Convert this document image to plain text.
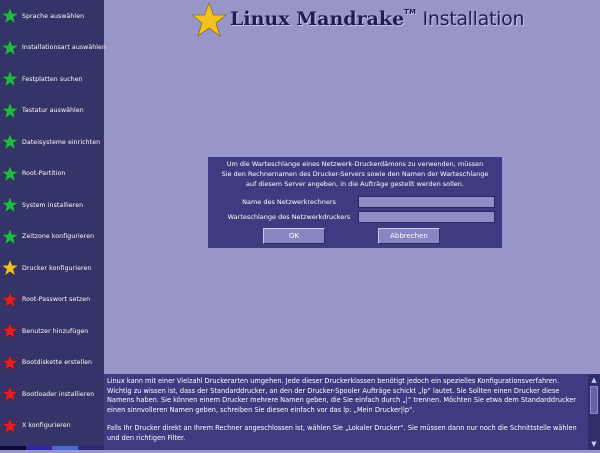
Sprache auswählen
Installationsart auswählen
Festplatten suchen
Tastatur auswählen
Dateisysteme einrichten
Root-Partition
System installieren
Zeitzone konfigurieren
Drucker konfigurieren
Root-Passwort setzen
Benutzer hinzufügen
Bootdiskette erstellen
Bootloader installieren
X konfigurieren
Linux Mandrake™ Installation
Um die Warteschlange eines Netzwerk-Druckerdämons zu verwenden, müssen
Sie den Rechnernamen des Drucker-Servers sowie den Namen der Warteschlange
auf diesem Server angeben, in die Aufträge gestellt werden sollen.
Name des Netzwerkrechners
Warteschlange des Netzwerkdruckers
OK	Abbrechen

Linux kann mit einer Vielzahl Druckerarten umgehen. Jede dieser Druckerklassen benötigt jedoch ein spezielles Konfigurationsverfahren. Wichtig zu wissen ist, dass der Standarddrucker, an den der Drucker-Spooler Aufträge schickt „lp“ lautet. Sie Sollten einen Drucker diese Namens haben. Sie können einem Drucker mehrere Namen geben, die Sie einfach durch „|“ trennen. Möchten Sie etwa dem Standarddrucker einen sinnvolleren Namen geben, schreiben Sie diesen einfach vor das lp: „Mein Drucker|lp“.

Falls Ihr Drucker direkt an Ihrem Rechner angeschlossen ist, wählen Sie „Lokaler Drucker“. Sie müssen dann nur noch die Schnittstelle wählen und den richtigen Filter.

▲
▼
